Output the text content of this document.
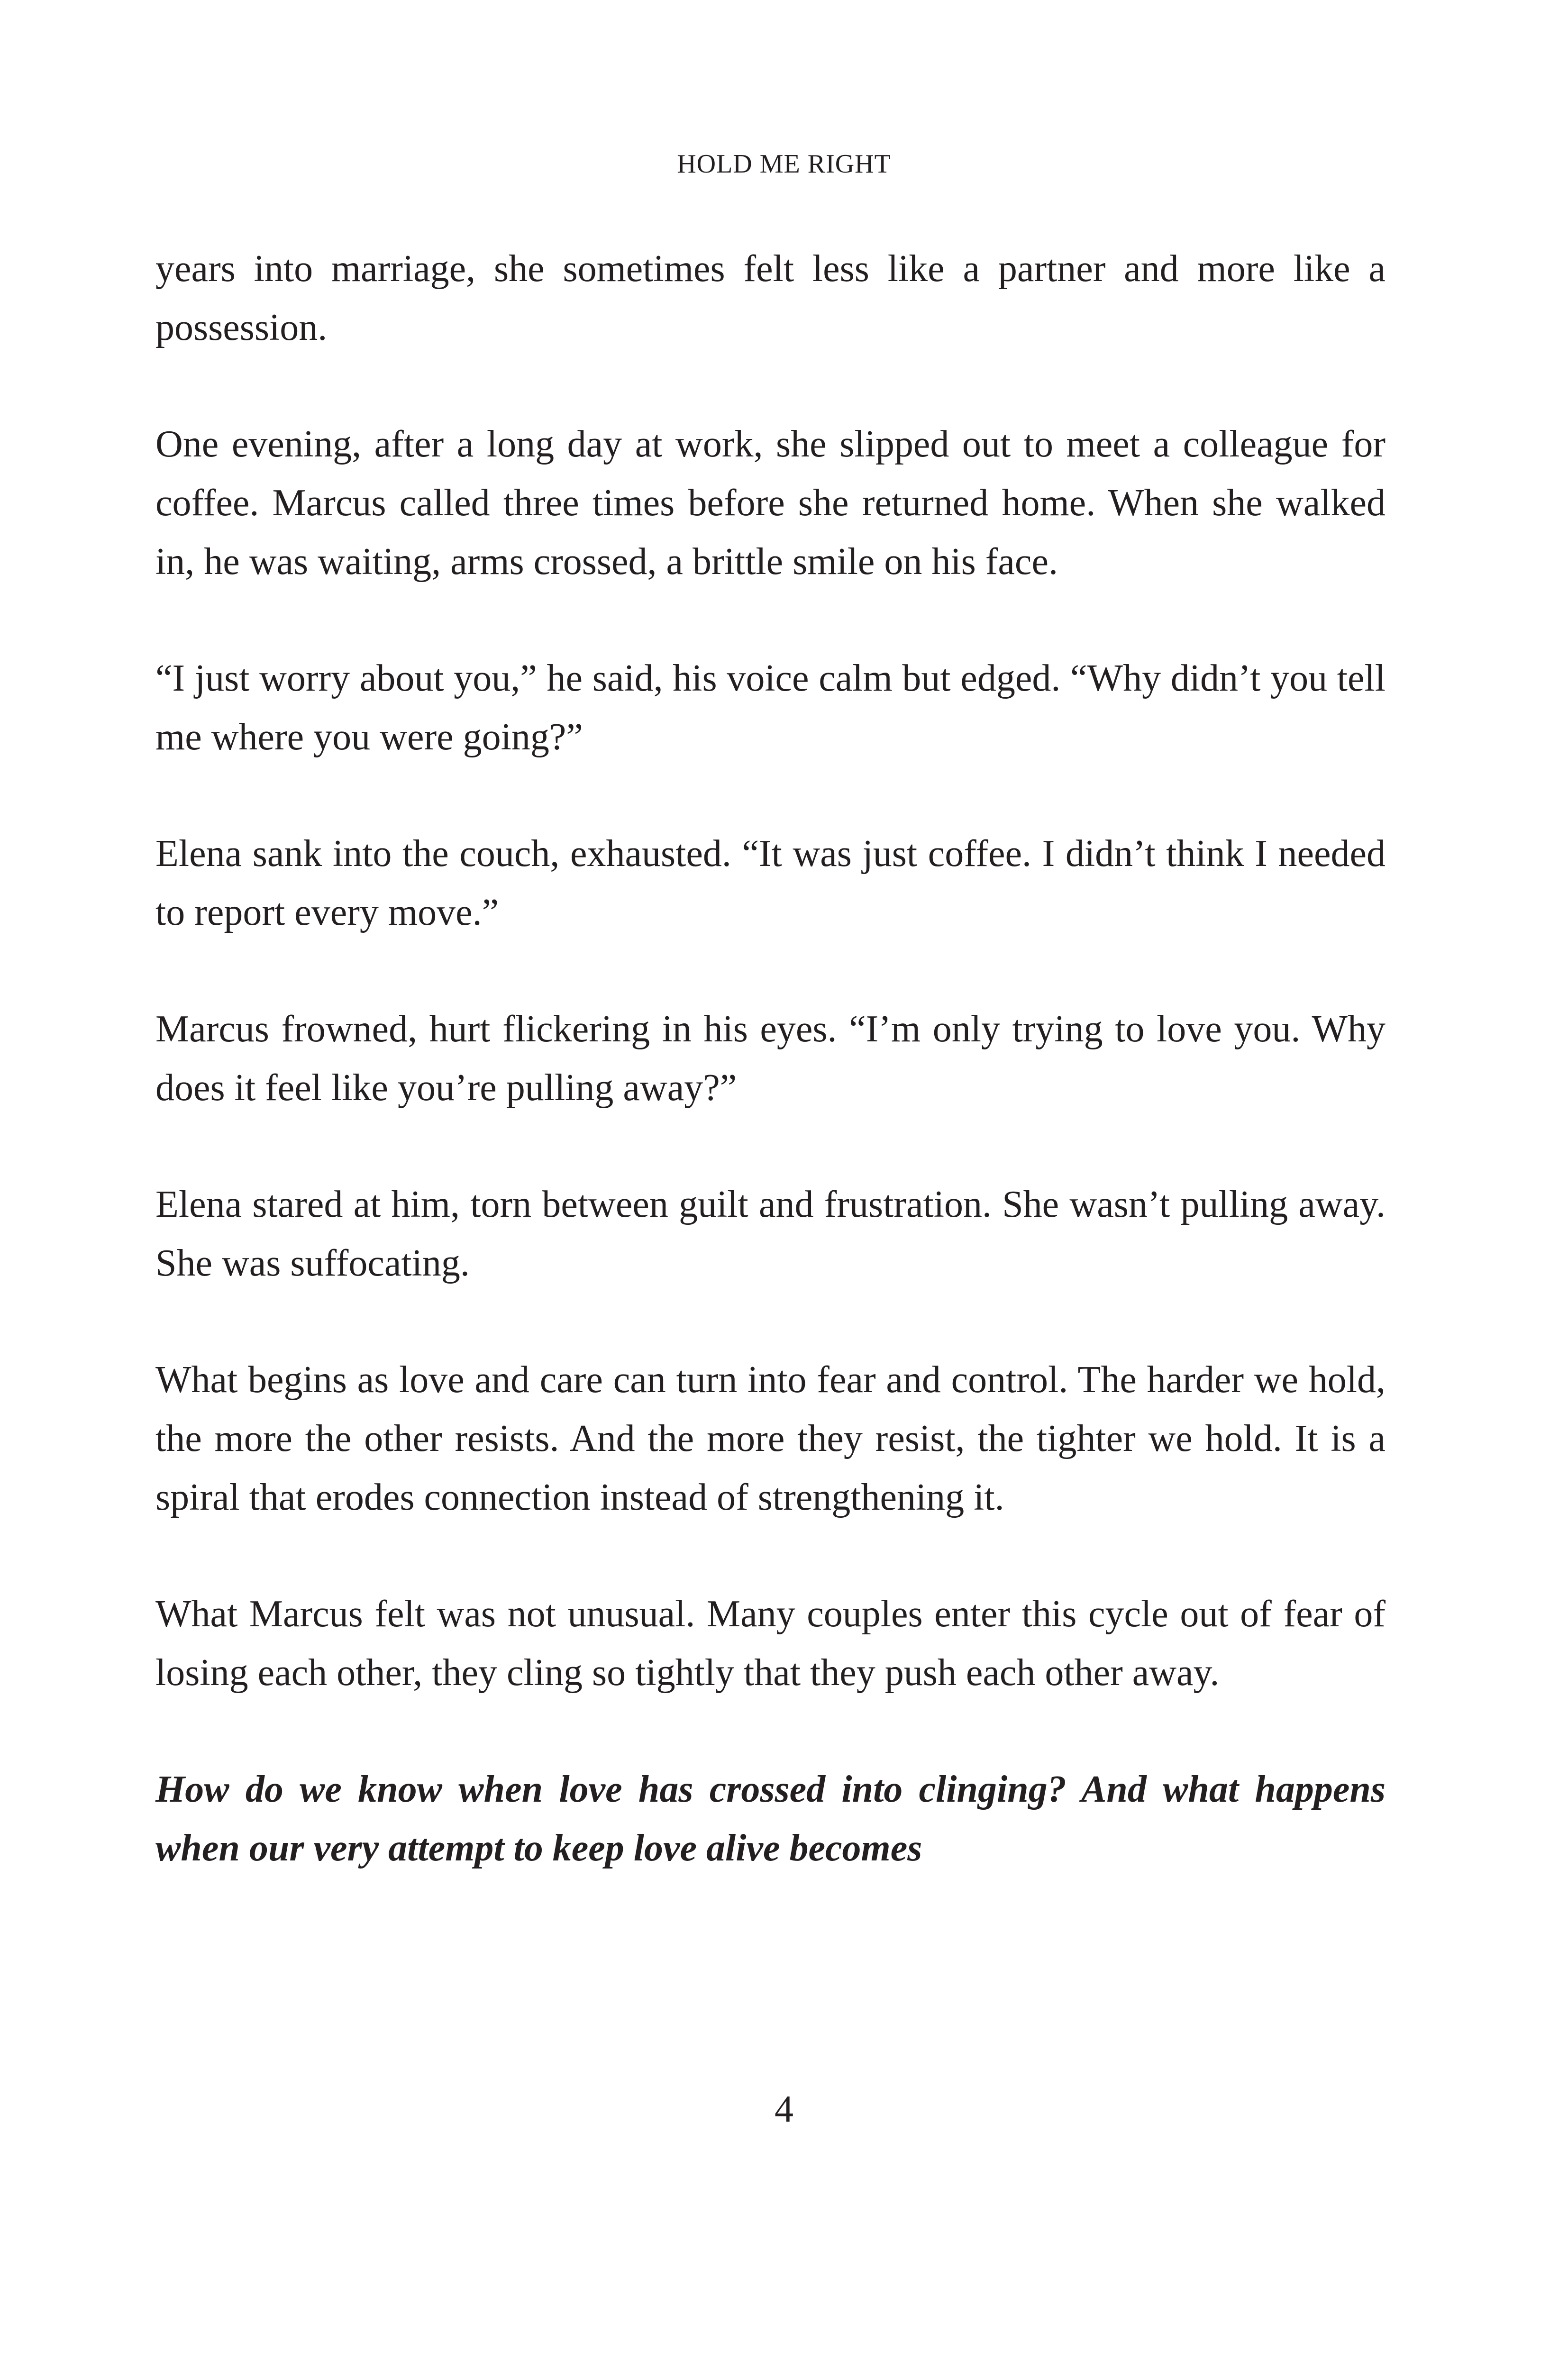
HOLD ME RIGHT

years into marriage, she sometimes felt less like a partner and more like a possession.

One evening, after a long day at work, she slipped out to meet a colleague for coffee. Marcus called three times before she returned home. When she walked in, he was waiting, arms crossed, a brittle smile on his face.

“I just worry about you,” he said, his voice calm but edged. “Why didn’t you tell me where you were going?”

Elena sank into the couch, exhausted. “It was just coffee. I didn’t think I needed to report every move.”

Marcus frowned, hurt flickering in his eyes. “I’m only trying to love you. Why does it feel like you’re pulling away?”

Elena stared at him, torn between guilt and frustration. She wasn’t pulling away. She was suffocating.

What begins as love and care can turn into fear and control. The harder we hold, the more the other resists. And the more they resist, the tighter we hold. It is a spiral that erodes connection instead of strengthening it.

What Marcus felt was not unusual. Many couples enter this cycle out of fear of losing each other, they cling so tightly that they push each other away.

How do we know when love has crossed into clinging? And what happens when our very attempt to keep love alive becomes

4
